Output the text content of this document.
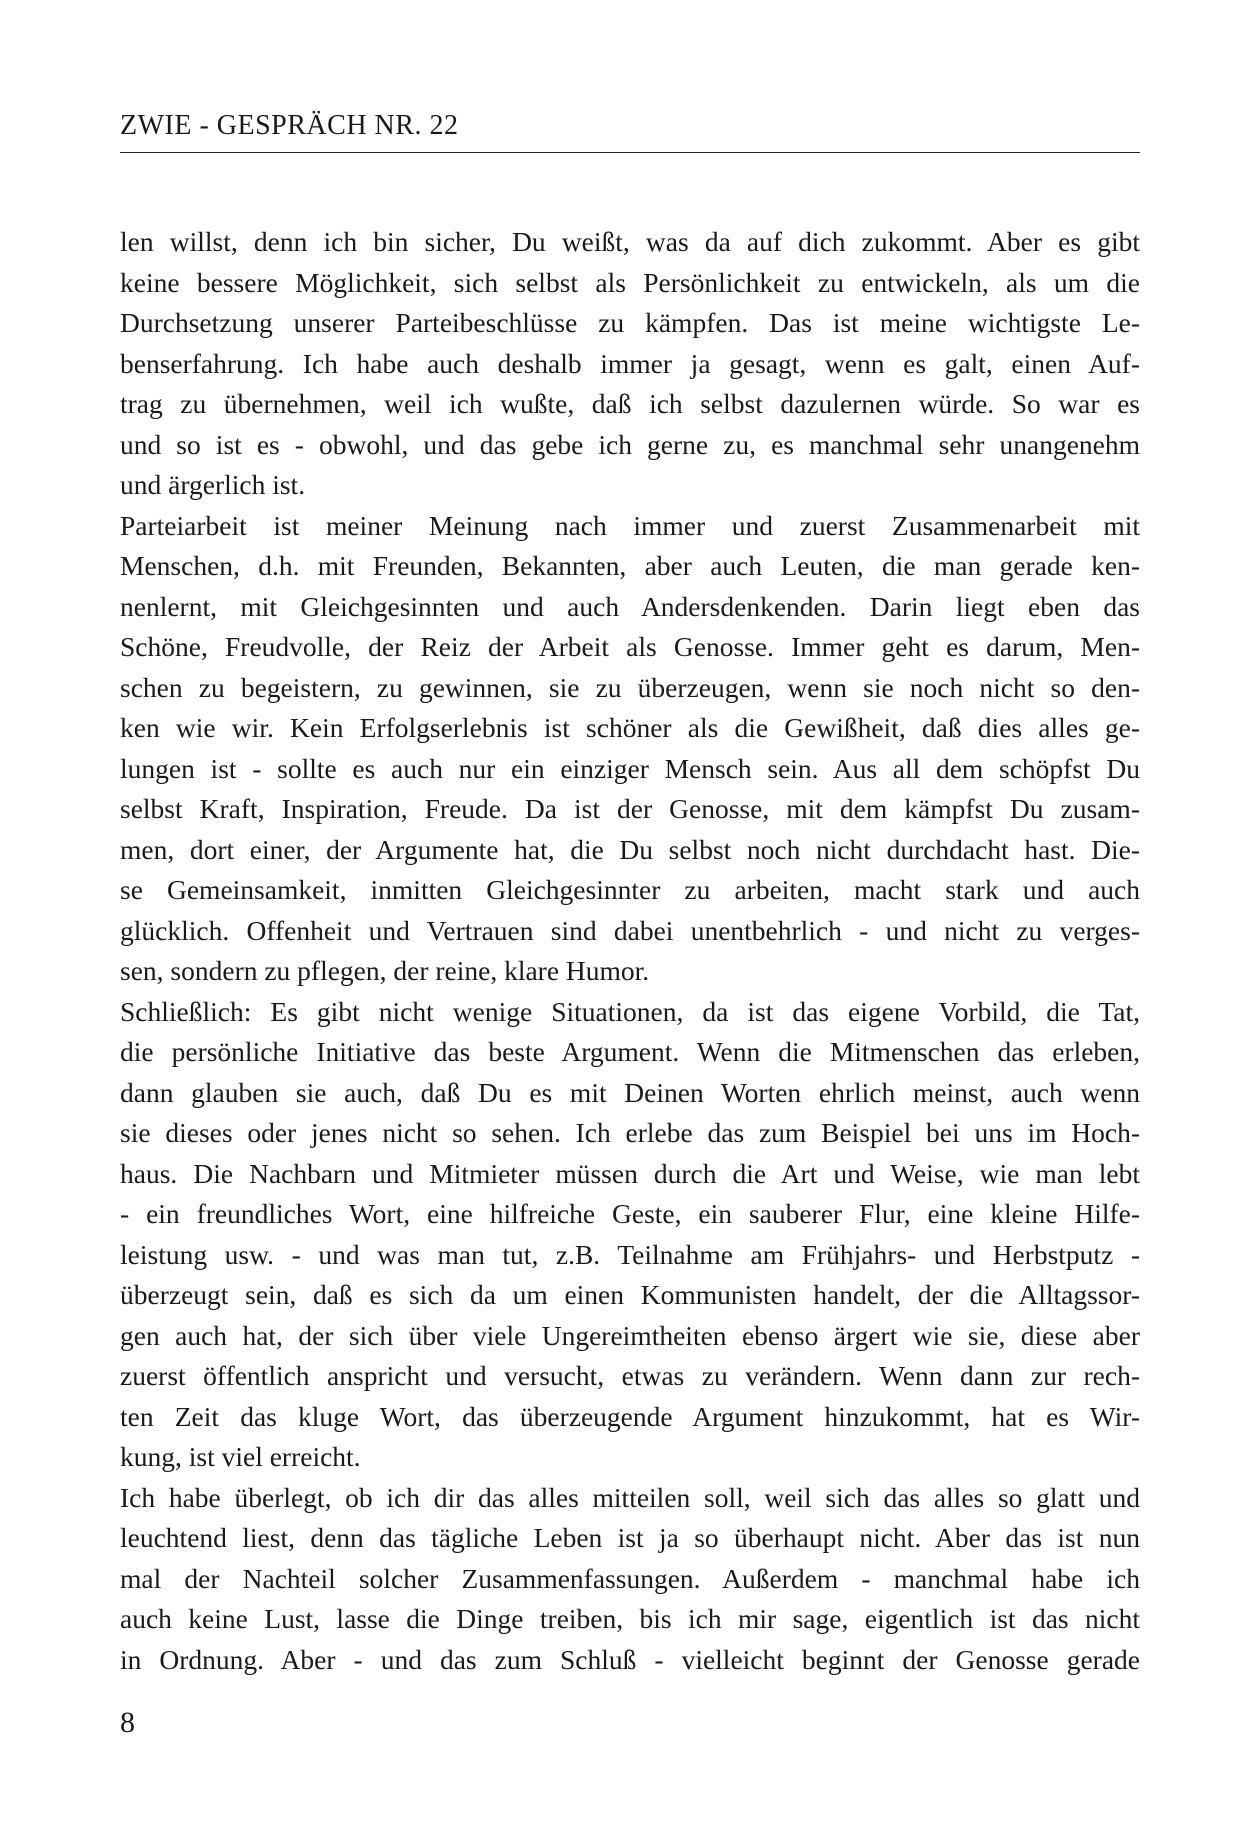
ZWIE - GESPRÄCH NR. 22
len willst, denn ich bin sicher, Du weißt, was da auf dich zukommt. Aber es gibt
keine bessere Möglichkeit, sich selbst als Persönlichkeit zu entwickeln, als um die
Durchsetzung unserer Parteibeschlüsse zu kämpfen. Das ist meine wichtigste Le-
benserfahrung. Ich habe auch deshalb immer ja gesagt, wenn es galt, einen Auf-
trag zu übernehmen, weil ich wußte, daß ich selbst dazulernen würde. So war es
und so ist es - obwohl, und das gebe ich gerne zu, es manchmal sehr unangenehm
und ärgerlich ist.
Parteiarbeit ist meiner Meinung nach immer und zuerst Zusammenarbeit mit
Menschen, d.h. mit Freunden, Bekannten, aber auch Leuten, die man gerade ken-
nenlernt, mit Gleichgesinnten und auch Andersdenkenden. Darin liegt eben das
Schöne, Freudvolle, der Reiz der Arbeit als Genosse. Immer geht es darum, Men-
schen zu begeistern, zu gewinnen, sie zu überzeugen, wenn sie noch nicht so den-
ken wie wir. Kein Erfolgserlebnis ist schöner als die Gewißheit, daß dies alles ge-
lungen ist - sollte es auch nur ein einziger Mensch sein. Aus all dem schöpfst Du
selbst Kraft, Inspiration, Freude. Da ist der Genosse, mit dem kämpfst Du zusam-
men, dort einer, der Argumente hat, die Du selbst noch nicht durchdacht hast. Die-
se Gemeinsamkeit, inmitten Gleichgesinnter zu arbeiten, macht stark und auch
glücklich. Offenheit und Vertrauen sind dabei unentbehrlich - und nicht zu verges-
sen, sondern zu pflegen, der reine, klare Humor.
Schließlich: Es gibt nicht wenige Situationen, da ist das eigene Vorbild, die Tat,
die persönliche Initiative das beste Argument. Wenn die Mitmenschen das erleben,
dann glauben sie auch, daß Du es mit Deinen Worten ehrlich meinst, auch wenn
sie dieses oder jenes nicht so sehen. Ich erlebe das zum Beispiel bei uns im Hoch-
haus. Die Nachbarn und Mitmieter müssen durch die Art und Weise, wie man lebt
- ein freundliches Wort, eine hilfreiche Geste, ein sauberer Flur, eine kleine Hilfe-
leistung usw. - und was man tut, z.B. Teilnahme am Frühjahrs- und Herbstputz -
überzeugt sein, daß es sich da um einen Kommunisten handelt, der die Alltagssor-
gen auch hat, der sich über viele Ungereimtheiten ebenso ärgert wie sie, diese aber
zuerst öffentlich anspricht und versucht, etwas zu verändern. Wenn dann zur rech-
ten Zeit das kluge Wort, das überzeugende Argument hinzukommt, hat es Wir-
kung, ist viel erreicht.
Ich habe überlegt, ob ich dir das alles mitteilen soll, weil sich das alles so glatt und
leuchtend liest, denn das tägliche Leben ist ja so überhaupt nicht. Aber das ist nun
mal der Nachteil solcher Zusammenfassungen. Außerdem - manchmal habe ich
auch keine Lust, lasse die Dinge treiben, bis ich mir sage, eigentlich ist das nicht
in Ordnung. Aber - und das zum Schluß - vielleicht beginnt der Genosse gerade
8
